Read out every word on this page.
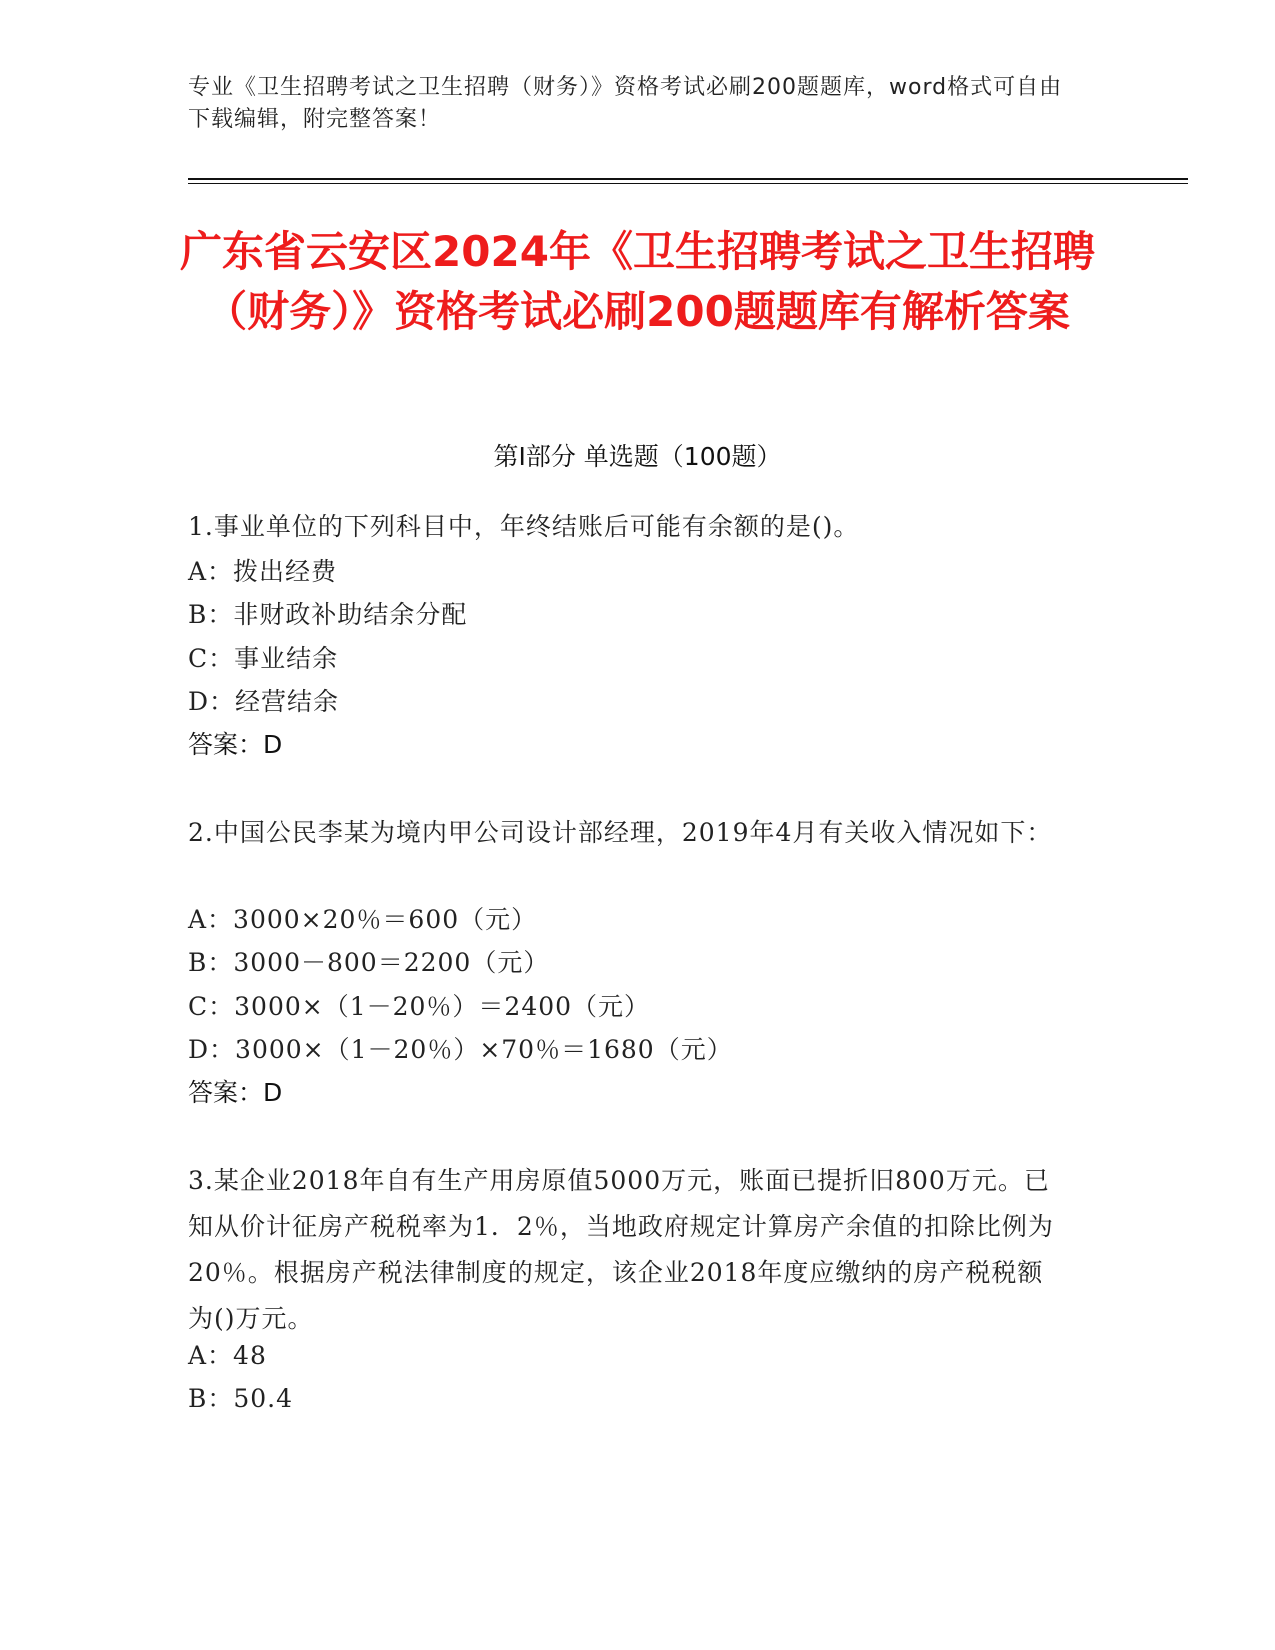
专业《卫生招聘考试之卫生招聘（财务）》资格考试必刷200题题库，word格式可自由下载编辑，附完整答案！
广东省云安区2024年《卫生招聘考试之卫生招聘（财务）》资格考试必刷200题题库有解析答案
第Ⅰ部分 单选题（100题）
1.事业单位的下列科目中，年终结账后可能有余额的是()。
A：拨出经费
B：非财政补助结余分配
C：事业结余
D：经营结余
答案：D
2.中国公民李某为境内甲公司设计部经理，2019年4月有关收入情况如下：
A：3000×20％＝600（元）
B：3000－800＝2200（元）
C：3000×（1－20％）＝2400（元）
D：3000×（1－20％）×70％＝1680（元）
答案：D
3.某企业2018年自有生产用房原值5000万元，账面已提折旧800万元。已知从价计征房产税税率为1．2％，当地政府规定计算房产余值的扣除比例为20％。根据房产税法律制度的规定，该企业2018年度应缴纳的房产税税额为()万元。
A：48
B：50.4
